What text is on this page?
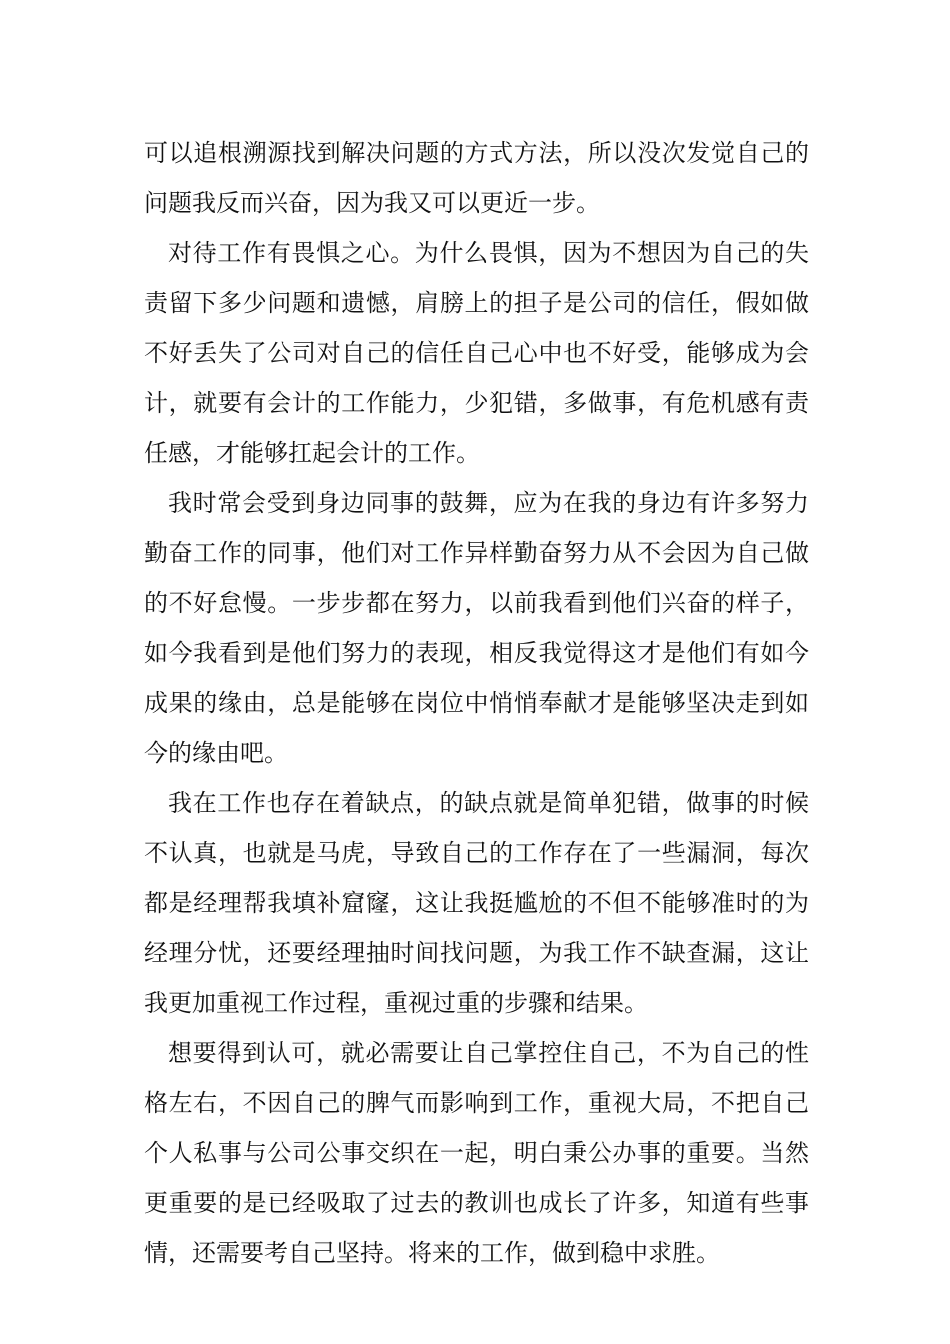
可以追根溯源找到解决问题的方式方法，所以没次发觉自己的问题我反而兴奋，因为我又可以更近一步。

对待工作有畏惧之心。为什么畏惧，因为不想因为自己的失责留下多少问题和遗憾，肩膀上的担子是公司的信任，假如做不好丢失了公司对自己的信任自己心中也不好受，能够成为会计，就要有会计的工作能力，少犯错，多做事，有危机感有责任感，才能够扛起会计的工作。

我时常会受到身边同事的鼓舞，应为在我的身边有许多努力勤奋工作的同事，他们对工作异样勤奋努力从不会因为自己做的不好怠慢。一步步都在努力，以前我看到他们兴奋的样子，如今我看到是他们努力的表现，相反我觉得这才是他们有如今成果的缘由，总是能够在岗位中悄悄奉献才是能够坚决走到如今的缘由吧。

我在工作也存在着缺点，的缺点就是简单犯错，做事的时候不认真，也就是马虎，导致自己的工作存在了一些漏洞，每次都是经理帮我填补窟窿，这让我挺尴尬的不但不能够准时的为经理分忧，还要经理抽时间找问题，为我工作不缺查漏，这让我更加重视工作过程，重视过重的步骤和结果。

想要得到认可，就必需要让自己掌控住自己，不为自己的性格左右，不因自己的脾气而影响到工作，重视大局，不把自己个人私事与公司公事交织在一起，明白秉公办事的重要。当然更重要的是已经吸取了过去的教训也成长了许多，知道有些事情，还需要考自己坚持。将来的工作，做到稳中求胜。
